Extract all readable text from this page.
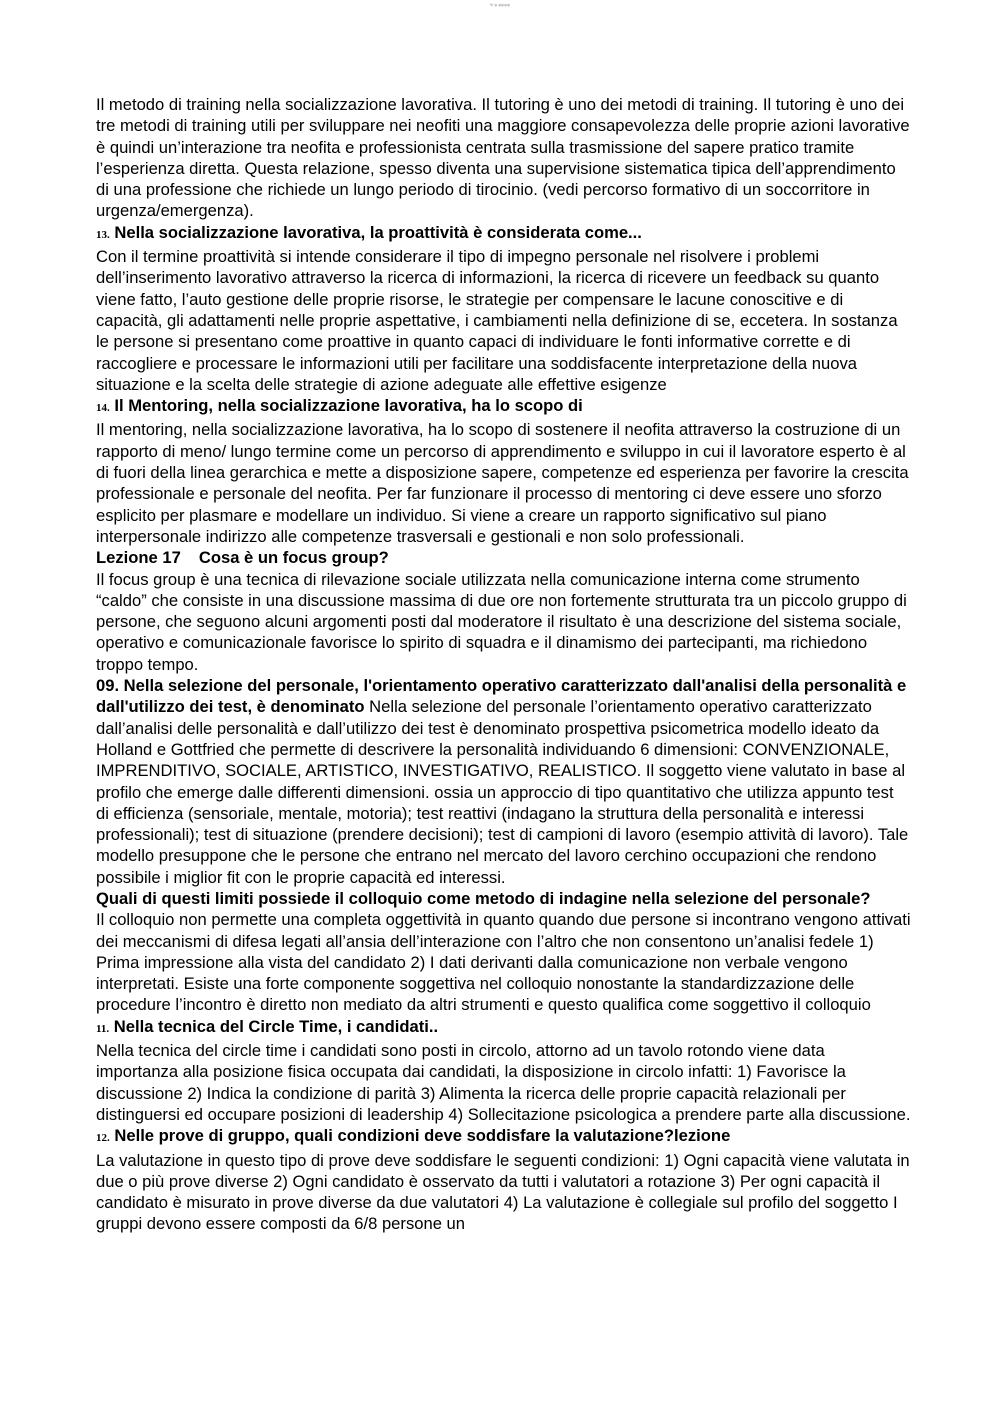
Ψ ψ ψψψψ

Il metodo di training nella socializzazione lavorativa. Il tutoring è uno dei metodi di training. Il tutoring è uno dei tre metodi di training utili per sviluppare nei neofiti una maggiore consapevolezza delle proprie azioni lavorative è quindi un’interazione tra neofita e professionista centrata sulla trasmissione del sapere pratico tramite l’esperienza diretta. Questa relazione, spesso diventa una supervisione sistematica tipica dell’apprendimento di una professione che richiede un lungo periodo di tirocinio. (vedi percorso formativo di un soccorritore in urgenza/emergenza).

13. Nella socializzazione lavorativa, la proattività è considerata come...

Con il termine proattività si intende considerare il tipo di impegno personale nel risolvere i problemi dell’inserimento lavorativo attraverso la ricerca di informazioni, la ricerca di ricevere un feedback su quanto viene fatto, l’auto gestione delle proprie risorse, le strategie per compensare le lacune conoscitive e di capacità, gli adattamenti nelle proprie aspettative, i cambiamenti nella definizione di se, eccetera. In sostanza le persone si presentano come proattive in quanto capaci di individuare le fonti informative corrette e di raccogliere e processare le informazioni utili per facilitare una soddisfacente interpretazione della nuova situazione e la scelta delle strategie di azione adeguate alle effettive esigenze

14. Il Mentoring, nella socializzazione lavorativa, ha lo scopo di

Il mentoring, nella socializzazione lavorativa, ha lo scopo di sostenere il neofita attraverso la costruzione di un rapporto di meno/ lungo termine come un percorso di apprendimento e sviluppo in cui il lavoratore esperto è al di fuori della linea gerarchica e mette a disposizione sapere, competenze ed esperienza per favorire la crescita professionale e personale del neofita. Per far funzionare il processo di mentoring ci deve essere uno sforzo esplicito per plasmare e modellare un individuo. Si viene a creare un rapporto significativo sul piano interpersonale indirizzo alle competenze trasversali e gestionali e non solo professionali.

Lezione 17 Cosa è un focus group?

Il focus group è una tecnica di rilevazione sociale utilizzata nella comunicazione interna come strumento “caldo” che consiste in una discussione massima di due ore non fortemente strutturata tra un piccolo gruppo di persone, che seguono alcuni argomenti posti dal moderatore il risultato è una descrizione del sistema sociale, operativo e comunicazionale favorisce lo spirito di squadra e il dinamismo dei partecipanti, ma richiedono troppo tempo.

09. Nella selezione del personale, l'orientamento operativo caratterizzato dall'analisi della personalità e dall'utilizzo dei test, è denominato Nella selezione del personale l’orientamento operativo caratterizzato dall’analisi delle personalità e dall’utilizzo dei test è denominato prospettiva psicometrica modello ideato da Holland e Gottfried che permette di descrivere la personalità individuando 6 dimensioni: CONVENZIONALE, IMPRENDITIVO, SOCIALE, ARTISTICO, INVESTIGATIVO, REALISTICO. Il soggetto viene valutato in base al profilo che emerge dalle differenti dimensioni. ossia un approccio di tipo quantitativo che utilizza appunto test di efficienza (sensoriale, mentale, motoria); test reattivi (indagano la struttura della personalità e interessi professionali); test di situazione (prendere decisioni); test di campioni di lavoro (esempio attività di lavoro). Tale modello presuppone che le persone che entrano nel mercato del lavoro cerchino occupazioni che rendono possibile i miglior fit con le proprie capacità ed interessi.

Quali di questi limiti possiede il colloquio come metodo di indagine nella selezione del personale?

Il colloquio non permette una completa oggettività in quanto quando due persone si incontrano vengono attivati dei meccanismi di difesa legati all’ansia dell’interazione con l’altro che non consentono un’analisi fedele 1) Prima impressione alla vista del candidato 2) I dati derivanti dalla comunicazione non verbale vengono interpretati. Esiste una forte componente soggettiva nel colloquio nonostante la standardizzazione delle procedure l’incontro è diretto non mediato da altri strumenti e questo qualifica come soggettivo il colloquio

11. Nella tecnica del Circle Time, i candidati..

Nella tecnica del circle time i candidati sono posti in circolo, attorno ad un tavolo rotondo viene data importanza alla posizione fisica occupata dai candidati, la disposizione in circolo infatti: 1) Favorisce la discussione 2) Indica la condizione di parità 3) Alimenta la ricerca delle proprie capacità relazionali per distinguersi ed occupare posizioni di leadership 4) Sollecitazione psicologica a prendere parte alla discussione.

12. Nelle prove di gruppo, quali condizioni deve soddisfare la valutazione?lezione

La valutazione in questo tipo di prove deve soddisfare le seguenti condizioni: 1) Ogni capacità viene valutata in due o più prove diverse 2) Ogni candidato è osservato da tutti i valutatori a rotazione 3) Per ogni capacità il candidato è misurato in prove diverse da due valutatori 4) La valutazione è collegiale sul profilo del soggetto I gruppi devono essere composti da 6/8 persone un
